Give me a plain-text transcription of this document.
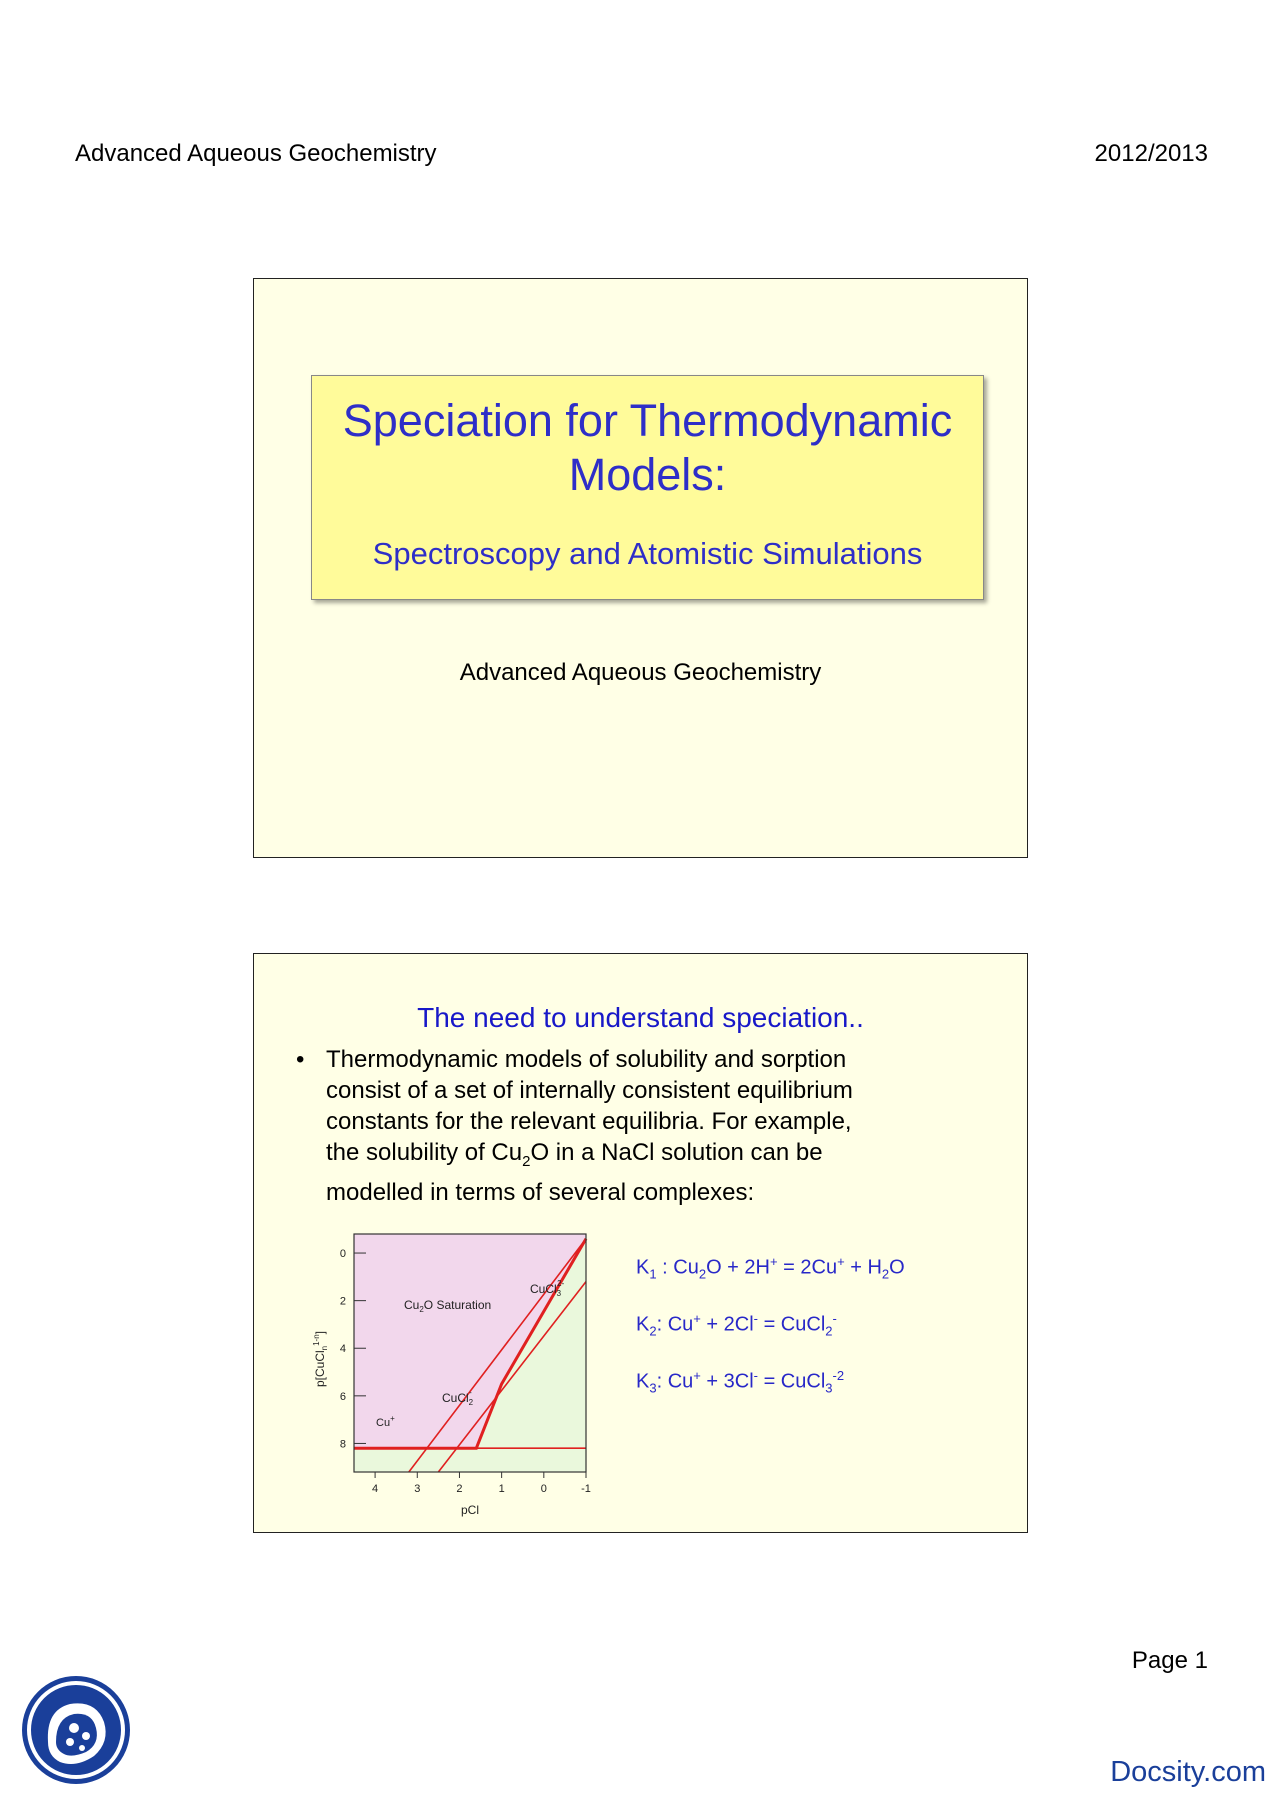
Advanced Aqueous Geochemistry	2012/2013
Speciation for Thermodynamic
Models:
Spectroscopy and Atomistic Simulations
Advanced Aqueous Geochemistry
The need to understand speciation..
• Thermodynamic models of solubility and sorption
consist of a set of internally consistent equilibrium
constants for the relevant equilibria. For example,
the solubility of $Cu_2O$ in a NaCl solution can be
modelled in terms of several complexes:
4	3	2	1	0	-1
0
2
4
6
8
pCl
p[CuCl$_n^{1-n}$]
$Cu_2O$ Saturation
Cu+
CuCl$_2$-
CuCl$_3$2-
$K_1$ : $Cu_2O + 2H^+ = 2Cu^+ + H_2O$
$K_2$: Cu+ + 2Cl- = CuCl$_2$-
$K_3$: Cu+ + 3Cl- = CuCl$_3^{-2}$
Page 1
Docsity.com
